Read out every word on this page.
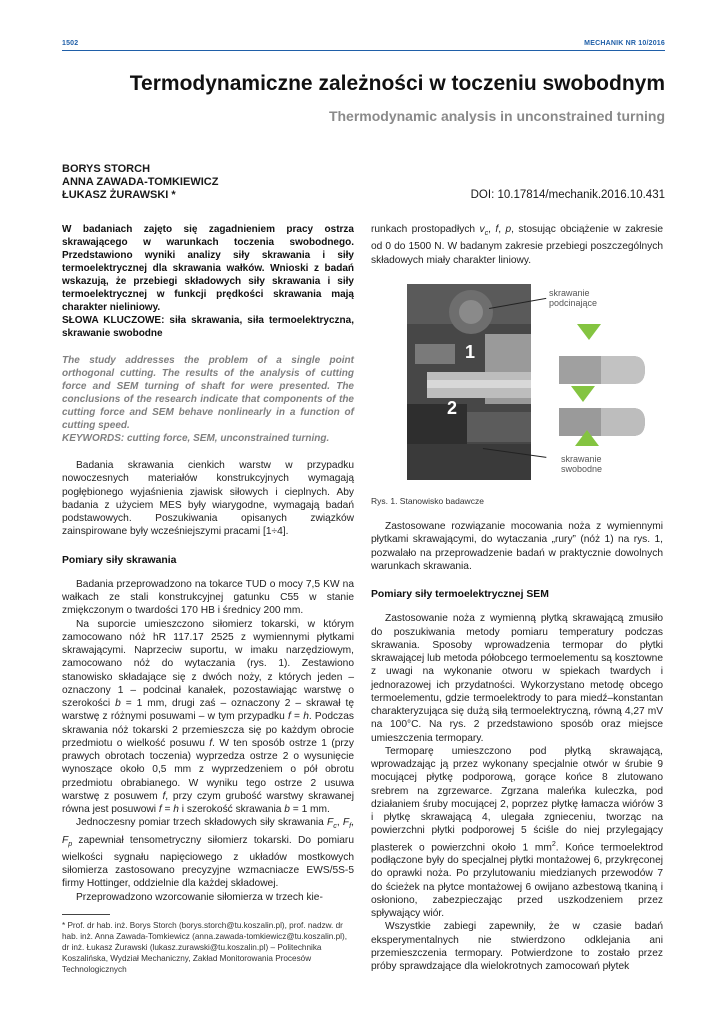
1502	MECHANIK NR 10/2016
Termodynamiczne zależności w toczeniu swobodnym
Thermodynamic analysis in unconstrained turning
BORYS STORCH
ANNA ZAWADA-TOMKIEWICZ
ŁUKASZ ŻURAWSKI *	DOI: 10.17814/mechanik.2016.10.431

W badaniach zajęto się zagadnieniem pracy ostrza skrawającego w warunkach toczenia swobodnego. Przedstawiono wyniki analizy siły skrawania i siły termoelektrycznej dla skrawania wałków. Wnioski z badań wskazują, że przebiegi składowych siły skrawania i siły termoelektrycznej w funkcji prędkości skrawania mają charakter nieliniowy.

SŁOWA KLUCZOWE: siła skrawania, siła termoelektryczna, skrawanie swobodne

The study addresses the problem of a single point orthogonal cutting. The results of the analysis of cutting force and SEM turning of shaft for were presented. The conclusions of the research indicate that components of the cutting force and SEM behave nonlinearly in a function of cutting speed.

KEYWORDS: cutting force, SEM, unconstrained turning.

Badania skrawania cienkich warstw w przypadku nowoczesnych materiałów konstrukcyjnych wymagają pogłębionego wyjaśnienia zjawisk siłowych i cieplnych. Aby badania z użyciem MES były wiarygodne, wymagają badań podstawowych. Poszukiwania opisanych związków zainspirowane były wcześniejszymi pracami [1÷4].

Pomiary siły skrawania

Badania przeprowadzono na tokarce TUD o mocy 7,5 KW na wałkach ze stali konstrukcyjnej gatunku C55 w stanie zmiękczonym o twardości 170 HB i średnicy 200 mm.

Na suporcie umieszczono siłomierz tokarski, w którym zamocowano nóż hR 117.17 2525 z wymiennymi płytkami skrawającymi. Naprzeciw suportu, w imaku narzędziowym, zamocowano nóż do wytaczania (rys. 1). Zestawiono stanowisko składające się z dwóch noży, z których jeden – oznaczony 1 – podcinał kanałek, pozostawiając warstwę o szerokości b = 1 mm, drugi zaś – oznaczony 2 – skrawał tę warstwę z różnymi posuwami – w tym przypadku f = h. Podczas skrawania nóż tokarski 2 przemieszcza się po każdym obrocie przedmiotu o wielkość posuwu f. W ten sposób ostrze 1 (przy prawych obrotach toczenia) wyprzedza ostrze 2 o wysunięcie wynoszące około 0,5 mm z wyprzedzeniem o pół obrotu przedmiotu obrabianego. W wyniku tego ostrze 2 usuwa warstwę z posuwem f, przy czym grubość warstwy skrawanej równa jest posuwowi f = h i szerokość skrawania b = 1 mm.

Jednoczesny pomiar trzech składowych siły skrawania $F_c$, $F_f$, $F_p$ zapewniał tensometryczny siłomierz tokarski. Do pomiaru wielkości sygnału napięciowego z układów mostkowych siłomierza zastosowano precyzyjne wzmacniacze EWS/5S-5 firmy Hottinger, oddzielnie dla każdej składowej.

Przeprowadzono wzorcowanie siłomierza w trzech kie-

* Prof. dr hab. inż. Borys Storch (borys.storch@tu.koszalin.pl), prof. nadzw. dr hab. inż. Anna Zawada-Tomkiewicz (anna.zawada-tomkiewicz@tu.koszalin.pl), dr inż. Łukasz Żurawski (lukasz.zurawski@tu.koszalin.pl) – Politechnika Koszalińska, Wydział Mechaniczny, Zakład Monitorowania Procesów Technologicznych

runkach prostopadłych $v_c$, f, p, stosując obciążenie w zakresie od 0 do 1500 N. W badanym zakresie przebiegi poszczególnych składowych miały charakter liniowy.

1
2
skrawanie
podcinające
skrawanie
swobodne
Rys. 1. Stanowisko badawcze

Zastosowane rozwiązanie mocowania noża z wymiennymi płytkami skrawającymi, do wytaczania „rury” (nóż 1) na rys. 1, pozwalało na przeprowadzenie badań w praktycznie dowolnych warunkach skrawania.

Pomiary siły termoelektrycznej SEM

Zastosowanie noża z wymienną płytką skrawającą zmusiło do poszukiwania metody pomiaru temperatury podczas skrawania. Sposoby wprowadzenia termopar do płytki skrawającej lub metoda półobcego termoelementu są kosztowne z uwagi na wykonanie otworu w spiekach twardych i jednorazowej ich przydatności. Wykorzystano metodę obcego termoelementu, gdzie termoelektrody to para miedź–konstantan charakteryzująca się dużą siłą termoelektryczną, równą 4,27 mV na 100°C. Na rys. 2 przedstawiono sposób oraz miejsce umieszczenia termopary.

Termoparę umieszczono pod płytką skrawającą, wprowadzając ją przez wykonany specjalnie otwór w śrubie 9 mocującej płytkę podporową, gorące końce 8 zlutowano srebrem na zgrzewarce. Zgrzana maleńka kuleczka, pod działaniem śruby mocującej 2, poprzez płytkę łamacza wiórów 3 i płytkę skrawającą 4, ulegała zgnieceniu, tworząc na powierzchni płytki podporowej 5 ściśle do niej przylegający plasterek o powierzchni około 1 $mm^2$. Końce termoelektrod podłączone były do specjalnej płytki montażowej 6, przykręconej do oprawki noża. Po przylutowaniu miedzianych przewodów 7 do ścieżek na płytce montażowej 6 owijano azbestową tkaniną i osłoniono, zabezpieczając przed uszkodzeniem przez spływający wiór.

Wszystkie zabiegi zapewniły, że w czasie badań eksperymentalnych nie stwierdzono odklejania ani przemieszczenia termopary. Potwierdzone to zostało przez próby sprawdzające dla wielokrotnych zamocowań płytek
